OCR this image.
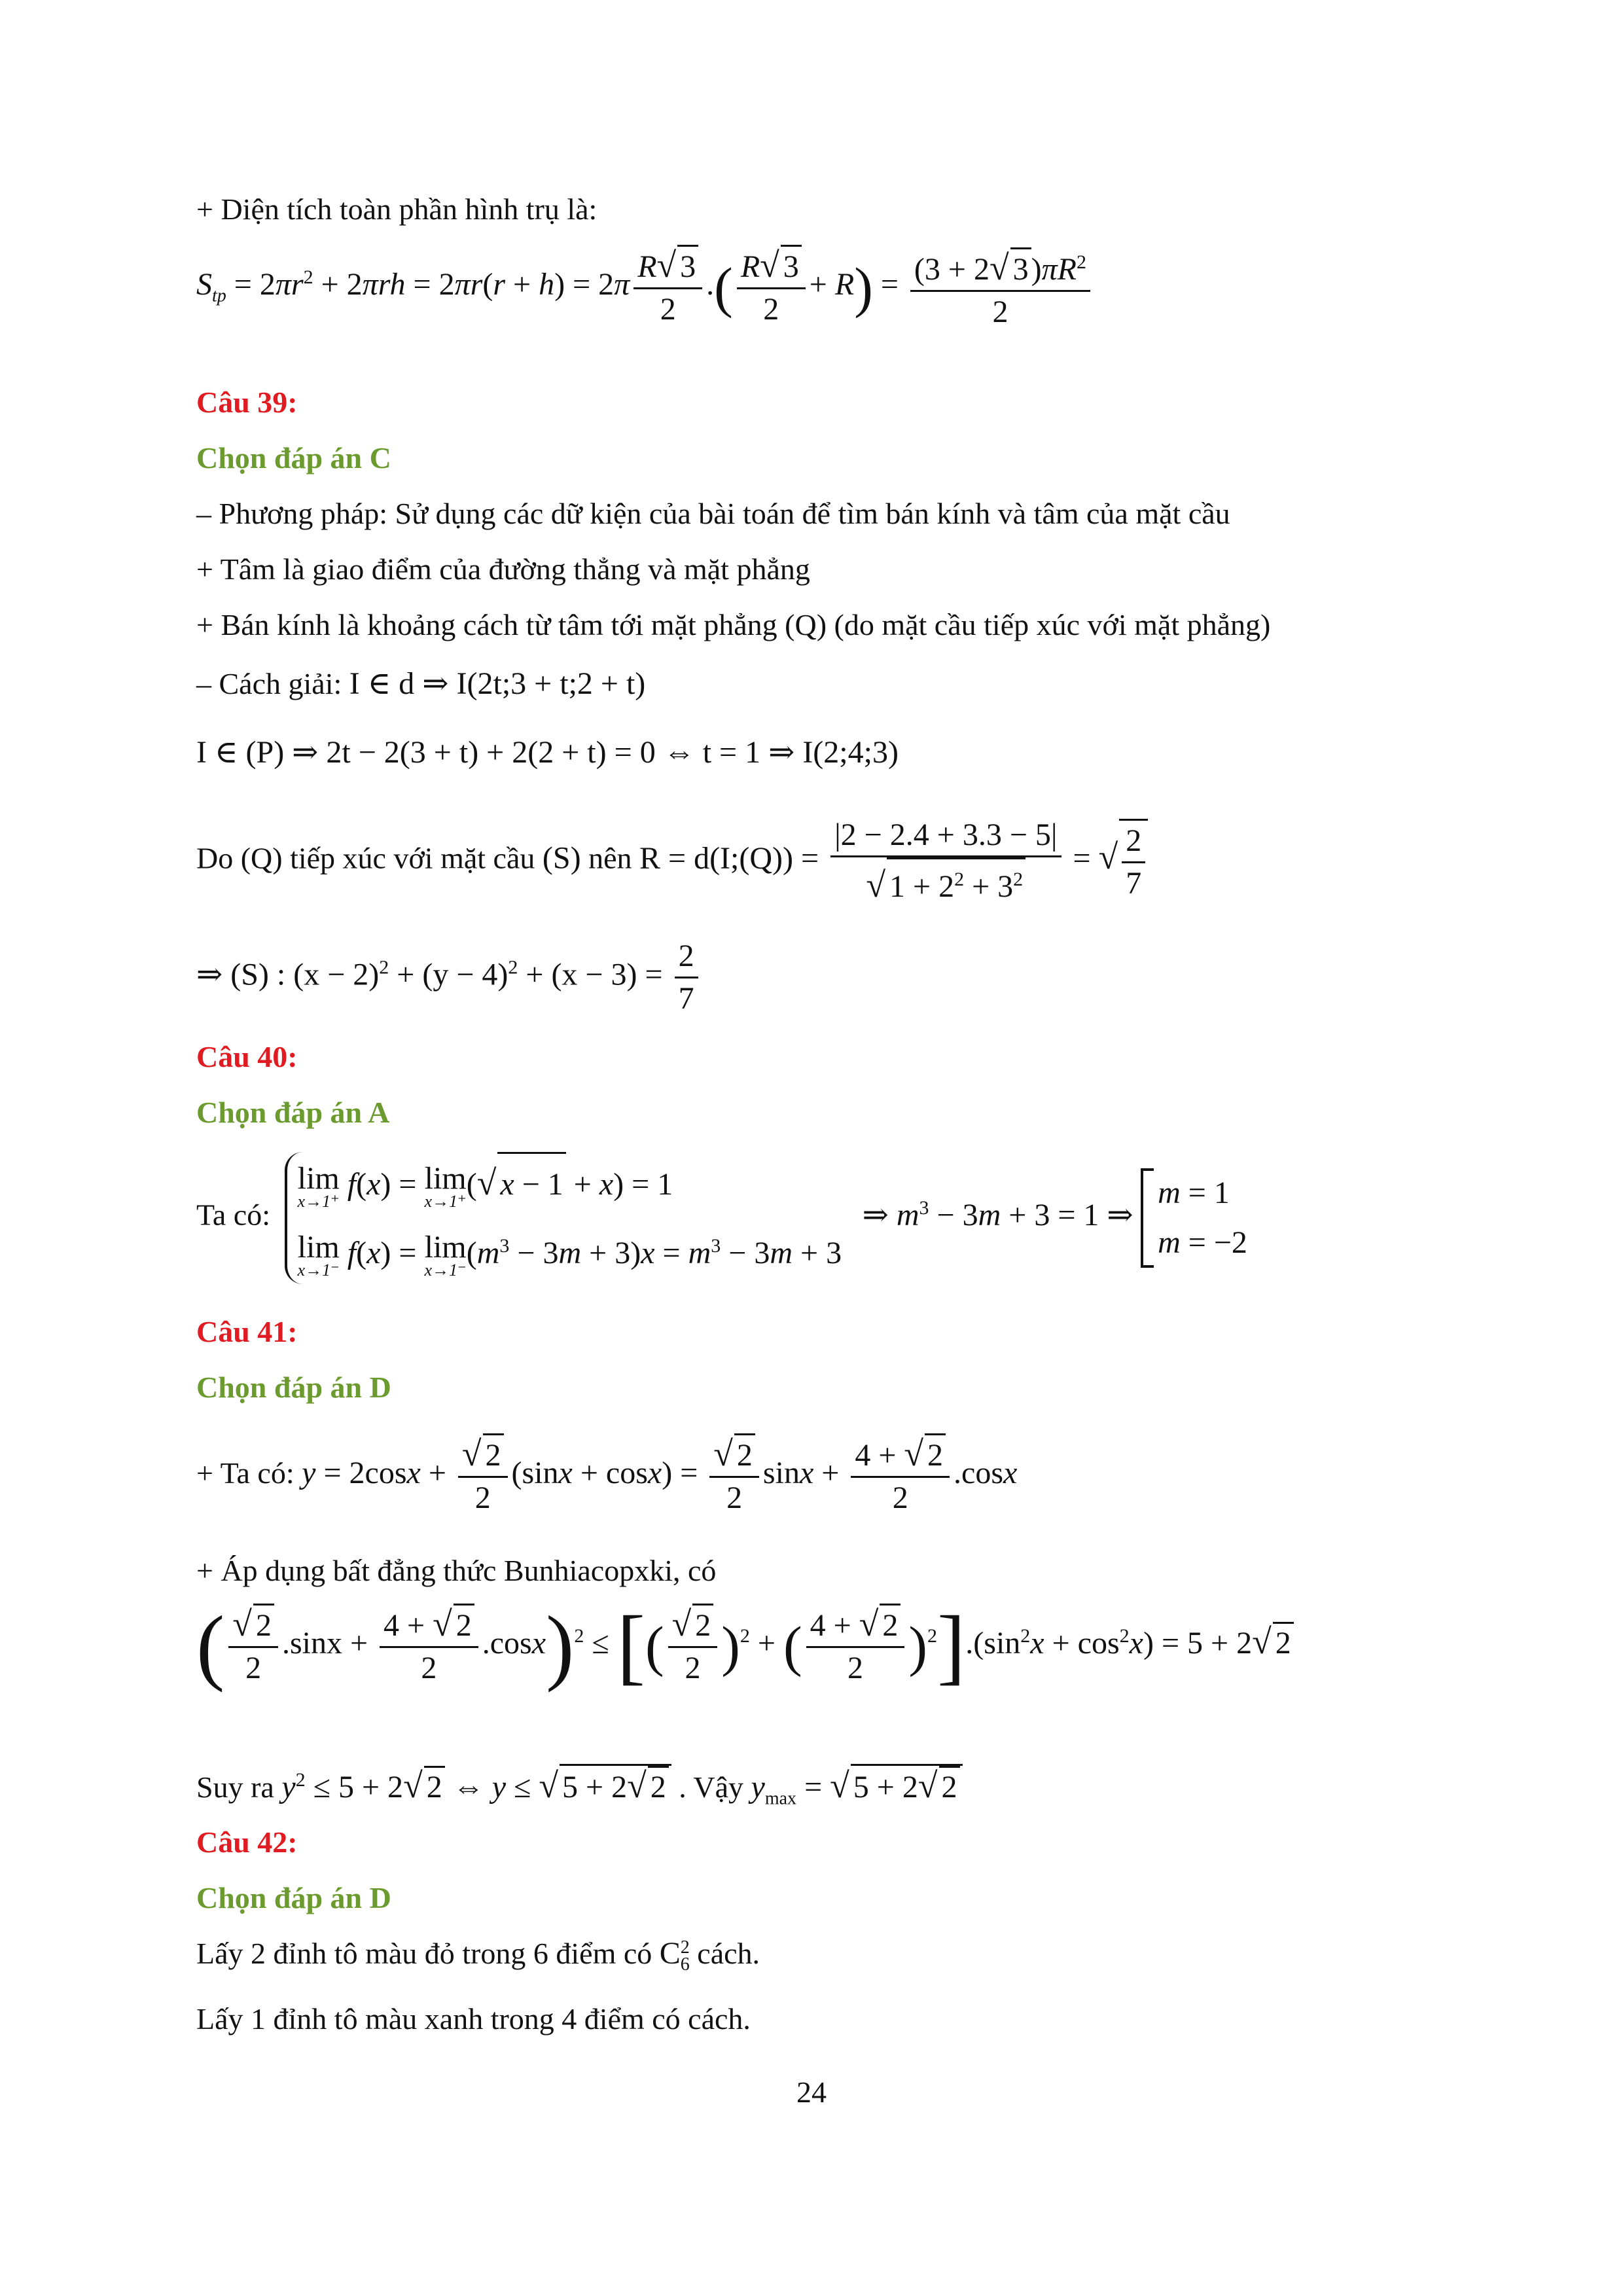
+ Diện tích toàn phần hình trụ là:
$S_{tp} = 2\pi r^2 + 2\pi rh = 2\pi r(r + h) = 2\pi \frac{R√ 3}{2}$ .( $\frac{R√ 3}{2} + R) = \frac{(3 + 2√ 3)\pi R^2}{2}$
Câu 39:
Chọn đáp án C
– Phương pháp: Sử dụng các dữ kiện của bài toán để tìm bán kính và tâm của mặt cầu
+ Tâm là giao điểm của đường thẳng và mặt phẳng
+ Bán kính là khoảng cách từ tâm tới mặt phẳng (Q) (do mặt cầu tiếp xúc với mặt phẳng)
– Cách giải: I ∈ d ⇒ I(2t;3 + t;2 + t)
I ∈ (P) ⇒ 2t − 2(3 + t) + 2(2 + t) = 0 ⇔ t = 1 ⇒ I(2;4;3)
Do (Q) tiếp xúc với mặt cầu (S) nên R = d(I;(Q)) = $\frac{|2 - 2.4 + 3.3 - 5|}{√ 1 + 2^2 + 3^2}$ = √ $\frac{2}{7}$
⇒ (S) : $(x - 2)^2 + (y - 4)^2 + (x - 3) = \frac{2}{7}$
Câu 40:
Chọn đáp án A
Ta có:
lim
x→1⁺ f(x) = lim
x→1⁺ (√ x − 1 + x) = 1
lim
x→1⁻ f(x) = lim
x→1⁻ $(m^3 - 3m + 3)x = m^3 - 3m + 3$
⇒ $m^3 - 3m + 3 = 1$ ⇒
m = 1
m = −2
Câu 41:
Chọn đáp án D
+ Ta có: $y = 2\cos x + \frac{√ 2}{2} (\sin x + \cos x) = \frac{√ 2}{2}$ $\sin x + \frac{4 + √ 2}{2} .\cos x$
+ Áp dụng bất đẳng thức Bunhiacopxki, có
( $\frac{√ 2}{2} .\sin x + \frac{4 + √ 2}{2} .\cos x)^2$ ≤ [( $\frac{√ 2}{2} )^2$ + ( $\frac{4 + √ 2}{2} )^2].(\sin^2x + \cos^2x) = 5 + 2√$ 2
Suy ra $y^2 \le 5 + 2√$ 2 ⇔ y ≤ √ 5 + 2√ 2 . Vậy $y_{max}$ = √ 5 + 2√ 2
Câu 42:
Chọn đáp án D
Lấy 2 đỉnh tô màu đỏ trong 6 điểm có C 2
6 cách.
Lấy 1 đỉnh tô màu xanh trong 4 điểm có cách.
24
